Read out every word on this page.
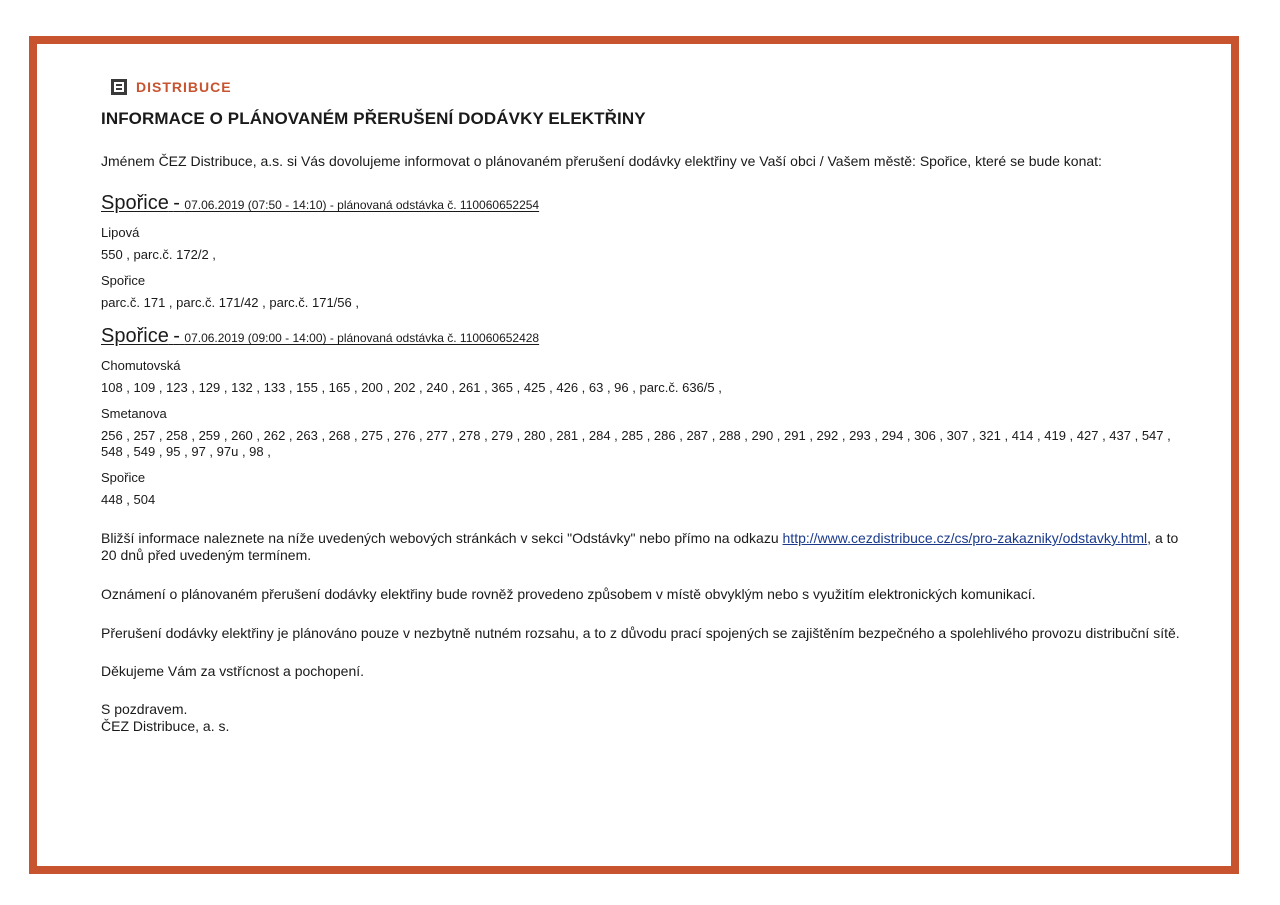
DISTRIBUCE
INFORMACE O PLÁNOVANÉM PŘERUŠENÍ DODÁVKY ELEKTŘINY

Jménem ČEZ Distribuce, a.s. si Vás dovolujeme informovat o plánovaném přerušení dodávky elektřiny ve Vaší obci / Vašem městě: Spořice, které se bude konat:

Spořice - 07.06.2019 (07:50 - 14:10) - plánovaná odstávka č. 110060652254
Lipová
550 , parc.č. 172/2 ,
Spořice
parc.č. 171 , parc.č. 171/42 , parc.č. 171/56 ,
Spořice - 07.06.2019 (09:00 - 14:00) - plánovaná odstávka č. 110060652428
Chomutovská
108 , 109 , 123 , 129 , 132 , 133 , 155 , 165 , 200 , 202 , 240 , 261 , 365 , 425 , 426 , 63 , 96 , parc.č. 636/5 ,
Smetanova
256 , 257 , 258 , 259 , 260 , 262 , 263 , 268 , 275 , 276 , 277 , 278 , 279 , 280 , 281 , 284 , 285 , 286 , 287 , 288 , 290 , 291 , 292 , 293 , 294 , 306 , 307 , 321 , 414 , 419 , 427 , 437 , 547 , 548 , 549 , 95 , 97 , 97u , 98 ,
Spořice
448 , 504

Bližší informace naleznete na níže uvedených webových stránkách v sekci "Odstávky" nebo přímo na odkazu http://www.cezdistribuce.cz/cs/pro-zakazniky/odstavky.html, a to 20 dnů před uvedeným termínem.

Oznámení o plánovaném přerušení dodávky elektřiny bude rovněž provedeno způsobem v místě obvyklým nebo s využitím elektronických komunikací.

Přerušení dodávky elektřiny je plánováno pouze v nezbytně nutném rozsahu, a to z důvodu prací spojených se zajištěním bezpečného a spolehlivého provozu distribuční sítě.

Děkujeme Vám za vstřícnost a pochopení.

S pozdravem.
ČEZ Distribuce, a. s.
